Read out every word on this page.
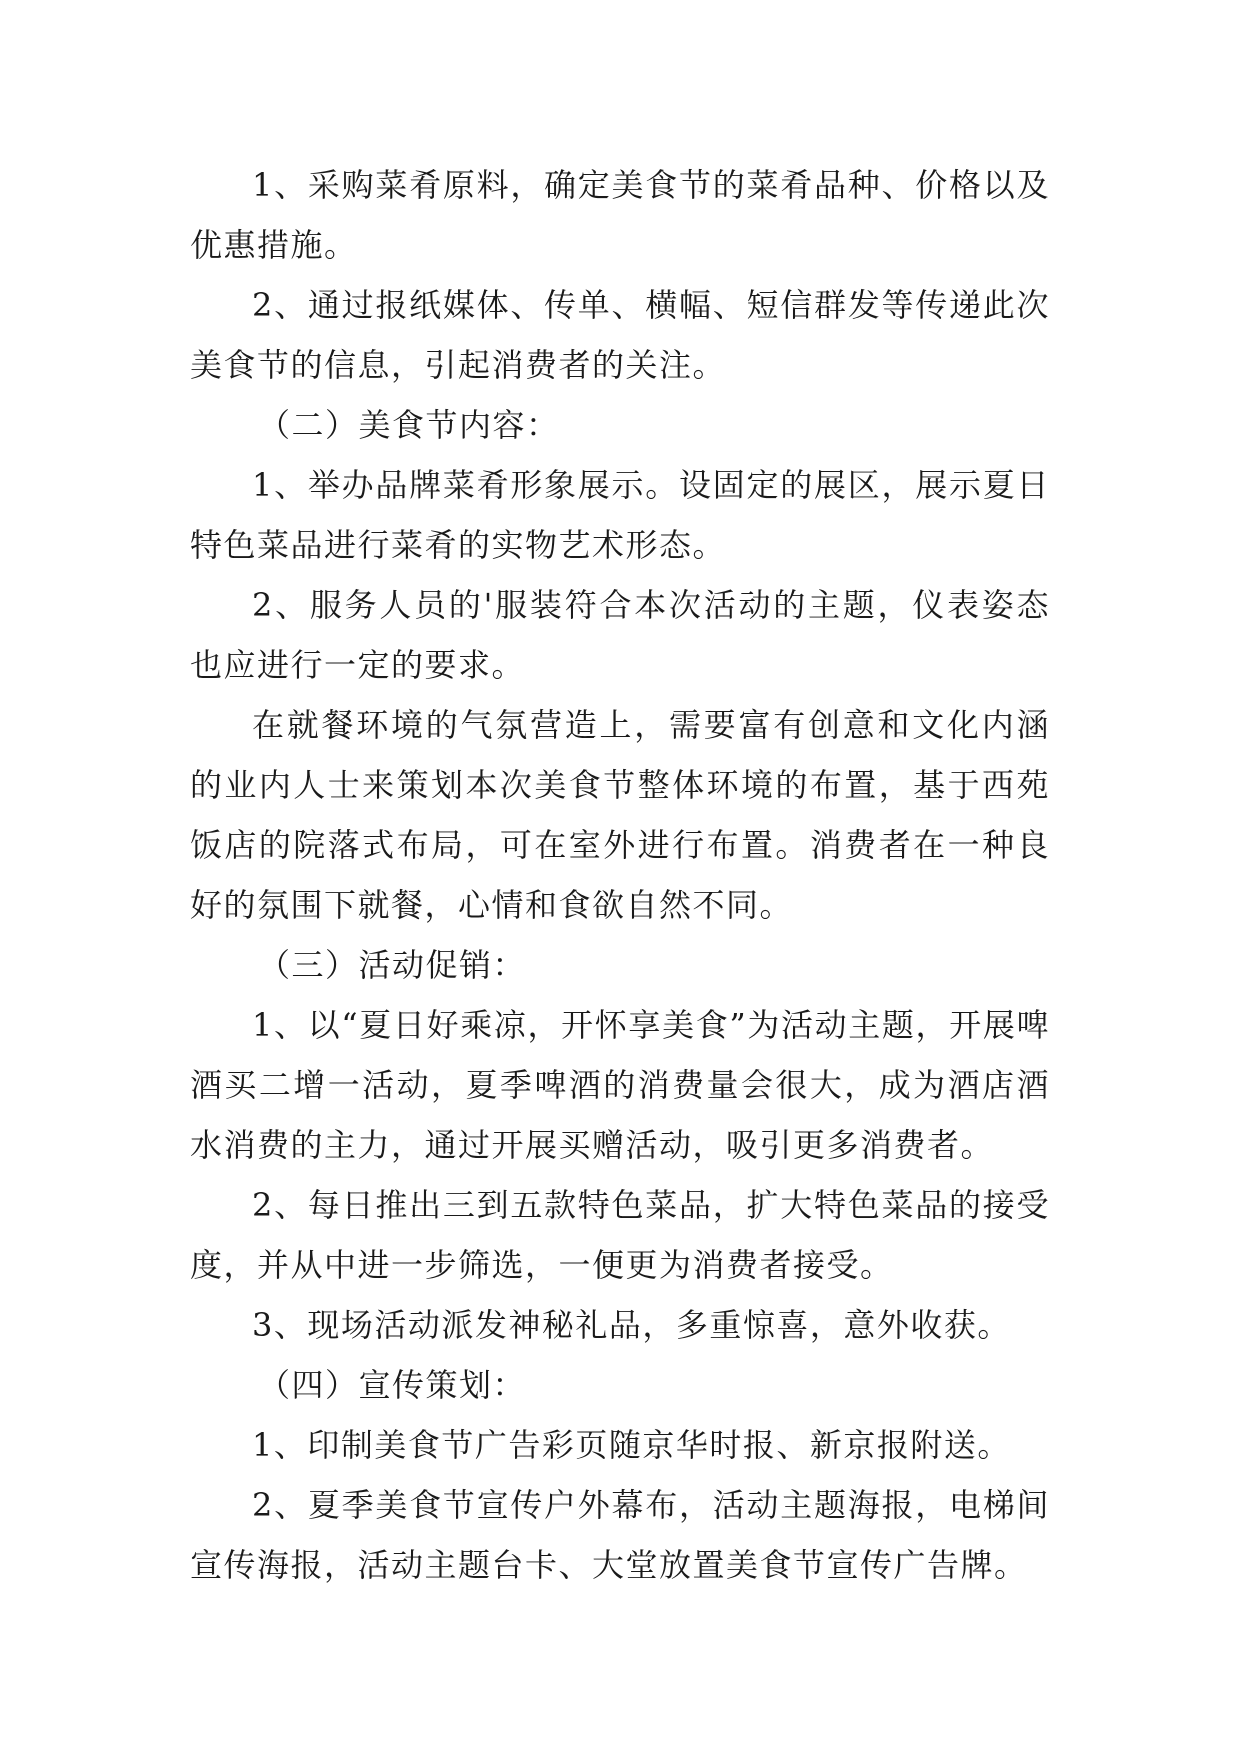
1、采购菜肴原料，确定美食节的菜肴品种、价格以及优惠措施。

2、通过报纸媒体、传单、横幅、短信群发等传递此次美食节的信息，引起消费者的关注。

（二）美食节内容：

1、举办品牌菜肴形象展示。设固定的展区，展示夏日特色菜品进行菜肴的实物艺术形态。

2、服务人员的'服装符合本次活动的主题，仪表姿态也应进行一定的要求。

在就餐环境的气氛营造上，需要富有创意和文化内涵的业内人士来策划本次美食节整体环境的布置，基于西苑饭店的院落式布局，可在室外进行布置。消费者在一种良好的氛围下就餐，心情和食欲自然不同。

（三）活动促销：

1、以“夏日好乘凉，开怀享美食”为活动主题，开展啤酒买二增一活动，夏季啤酒的消费量会很大，成为酒店酒水消费的主力，通过开展买赠活动，吸引更多消费者。

2、每日推出三到五款特色菜品，扩大特色菜品的接受度，并从中进一步筛选，一便更为消费者接受。

3、现场活动派发神秘礼品，多重惊喜，意外收获。

（四）宣传策划：

1、印制美食节广告彩页随京华时报、新京报附送。

2、夏季美食节宣传户外幕布，活动主题海报，电梯间宣传海报，活动主题台卡、大堂放置美食节宣传广告牌。
